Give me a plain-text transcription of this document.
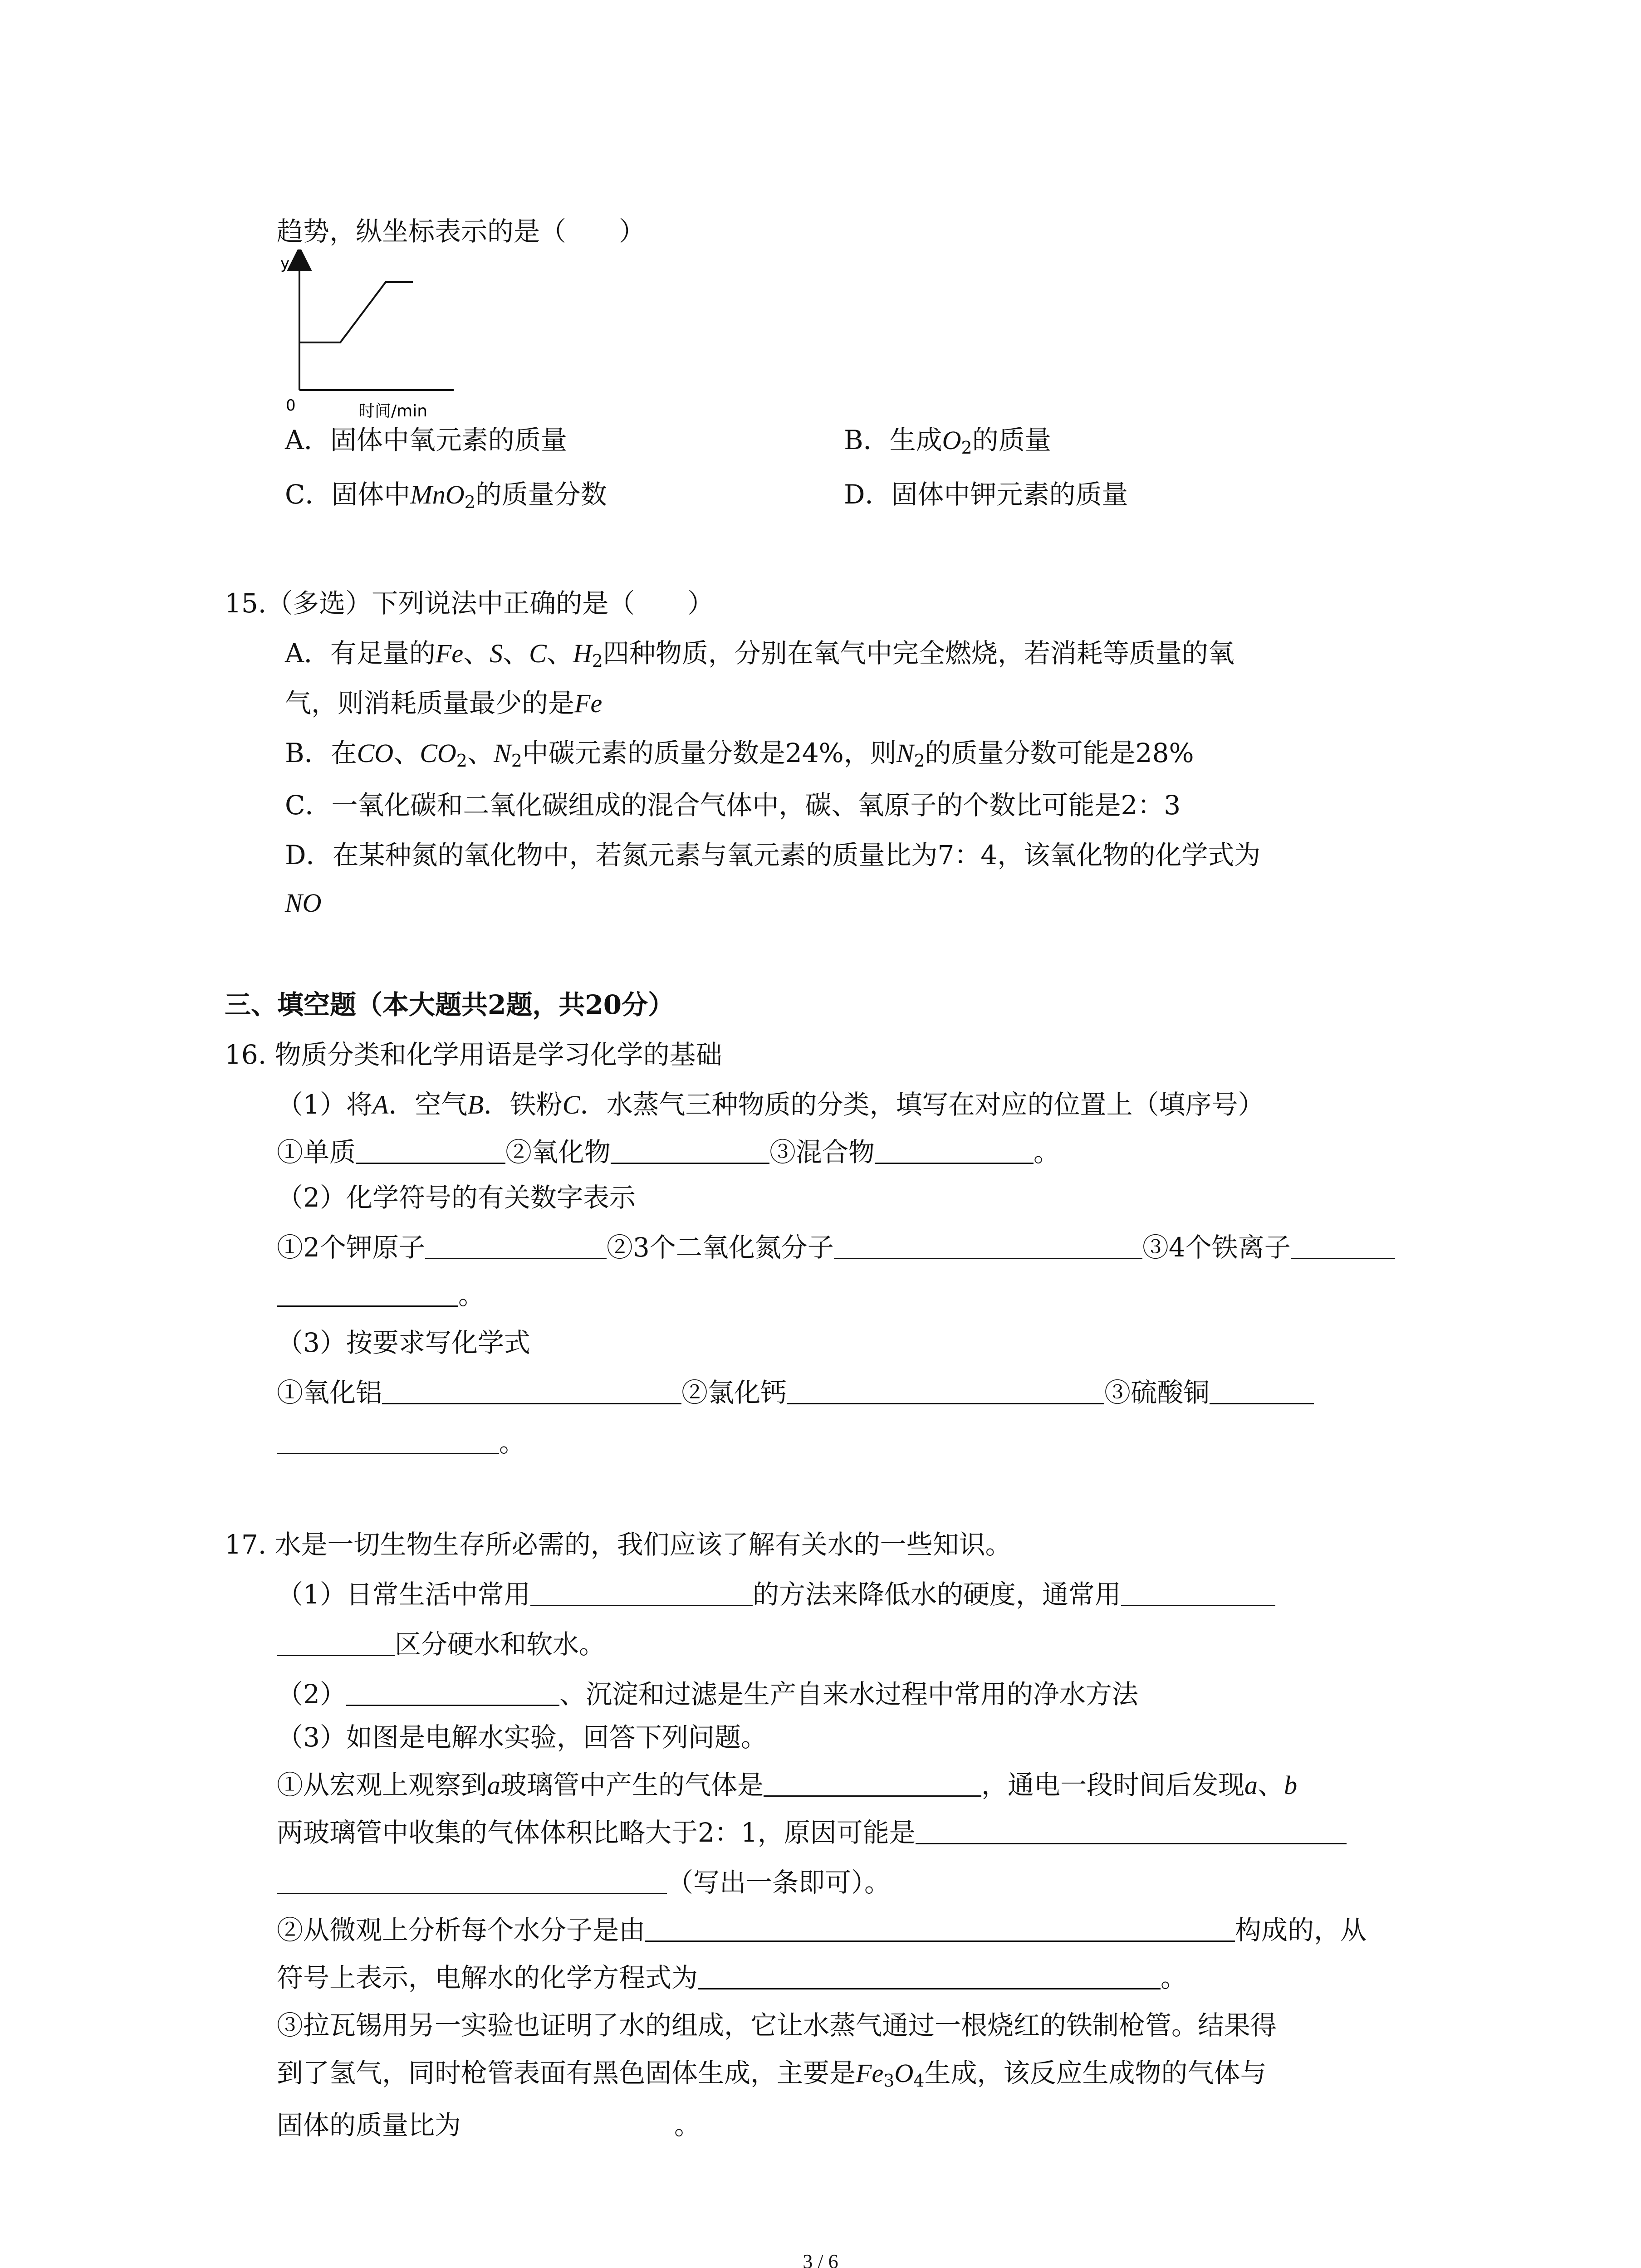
趋势，纵坐标表示的是（　　）
y
0	时间/min
A．固体中氧元素的质量	B．生成$O_2$的质量
C．固体中MnO$_2$的质量分数	D．固体中钾元素的质量
15.（多选）下列说法中正确的是（　　）
A．有足量的Fe、S、C、$H_2$四种物质，分别在氧气中完全燃烧，若消耗等质量的氧
气，则消耗质量最少的是Fe
B．在CO、$CO_2$、$N_2$中碳元素的质量分数是24%，则$N_2$的质量分数可能是28%
C．一氧化碳和二氧化碳组成的混合气体中，碳、氧原子的个数比可能是2：3
D．在某种氮的氧化物中，若氮元素与氧元素的质量比为7：4，该氧化物的化学式为
NO
三、填空题（本大题共2题，共20分）
16. 物质分类和化学用语是学习化学的基础
（1）将A．空气B．铁粉C．水蒸气三种物质的分类，填写在对应的位置上（填序号）
①单质	②氧化物	③混合物	。
（2）化学符号的有关数字表示
①2个钾原子	②3个二氧化氮分子	③4个铁离子
。
（3）按要求写化学式
①氧化铝	②氯化钙	③硫酸铜
。
17. 水是一切生物生存所必需的，我们应该了解有关水的一些知识。
（1）日常生活中常用	的方法来降低水的硬度，通常用
区分硬水和软水。
（2）	、沉淀和过滤是生产自来水过程中常用的净水方法
（3）如图是电解水实验，回答下列问题。
①从宏观上观察到a玻璃管中产生的气体是	，通电一段时间后发现a、b
两玻璃管中收集的气体体积比略大于2：1，原因可能是
（写出一条即可）。
②从微观上分析每个水分子是由	构成的，从
符号上表示，电解水的化学方程式为	。
③拉瓦锡用另一实验也证明了水的组成，它让水蒸气通过一根烧红的铁制枪管。结果得
到了氢气，同时枪管表面有黑色固体生成，主要是$Fe_3O_4$生成，该反应生成物的气体与
固体的质量比为	。
3 / 6
